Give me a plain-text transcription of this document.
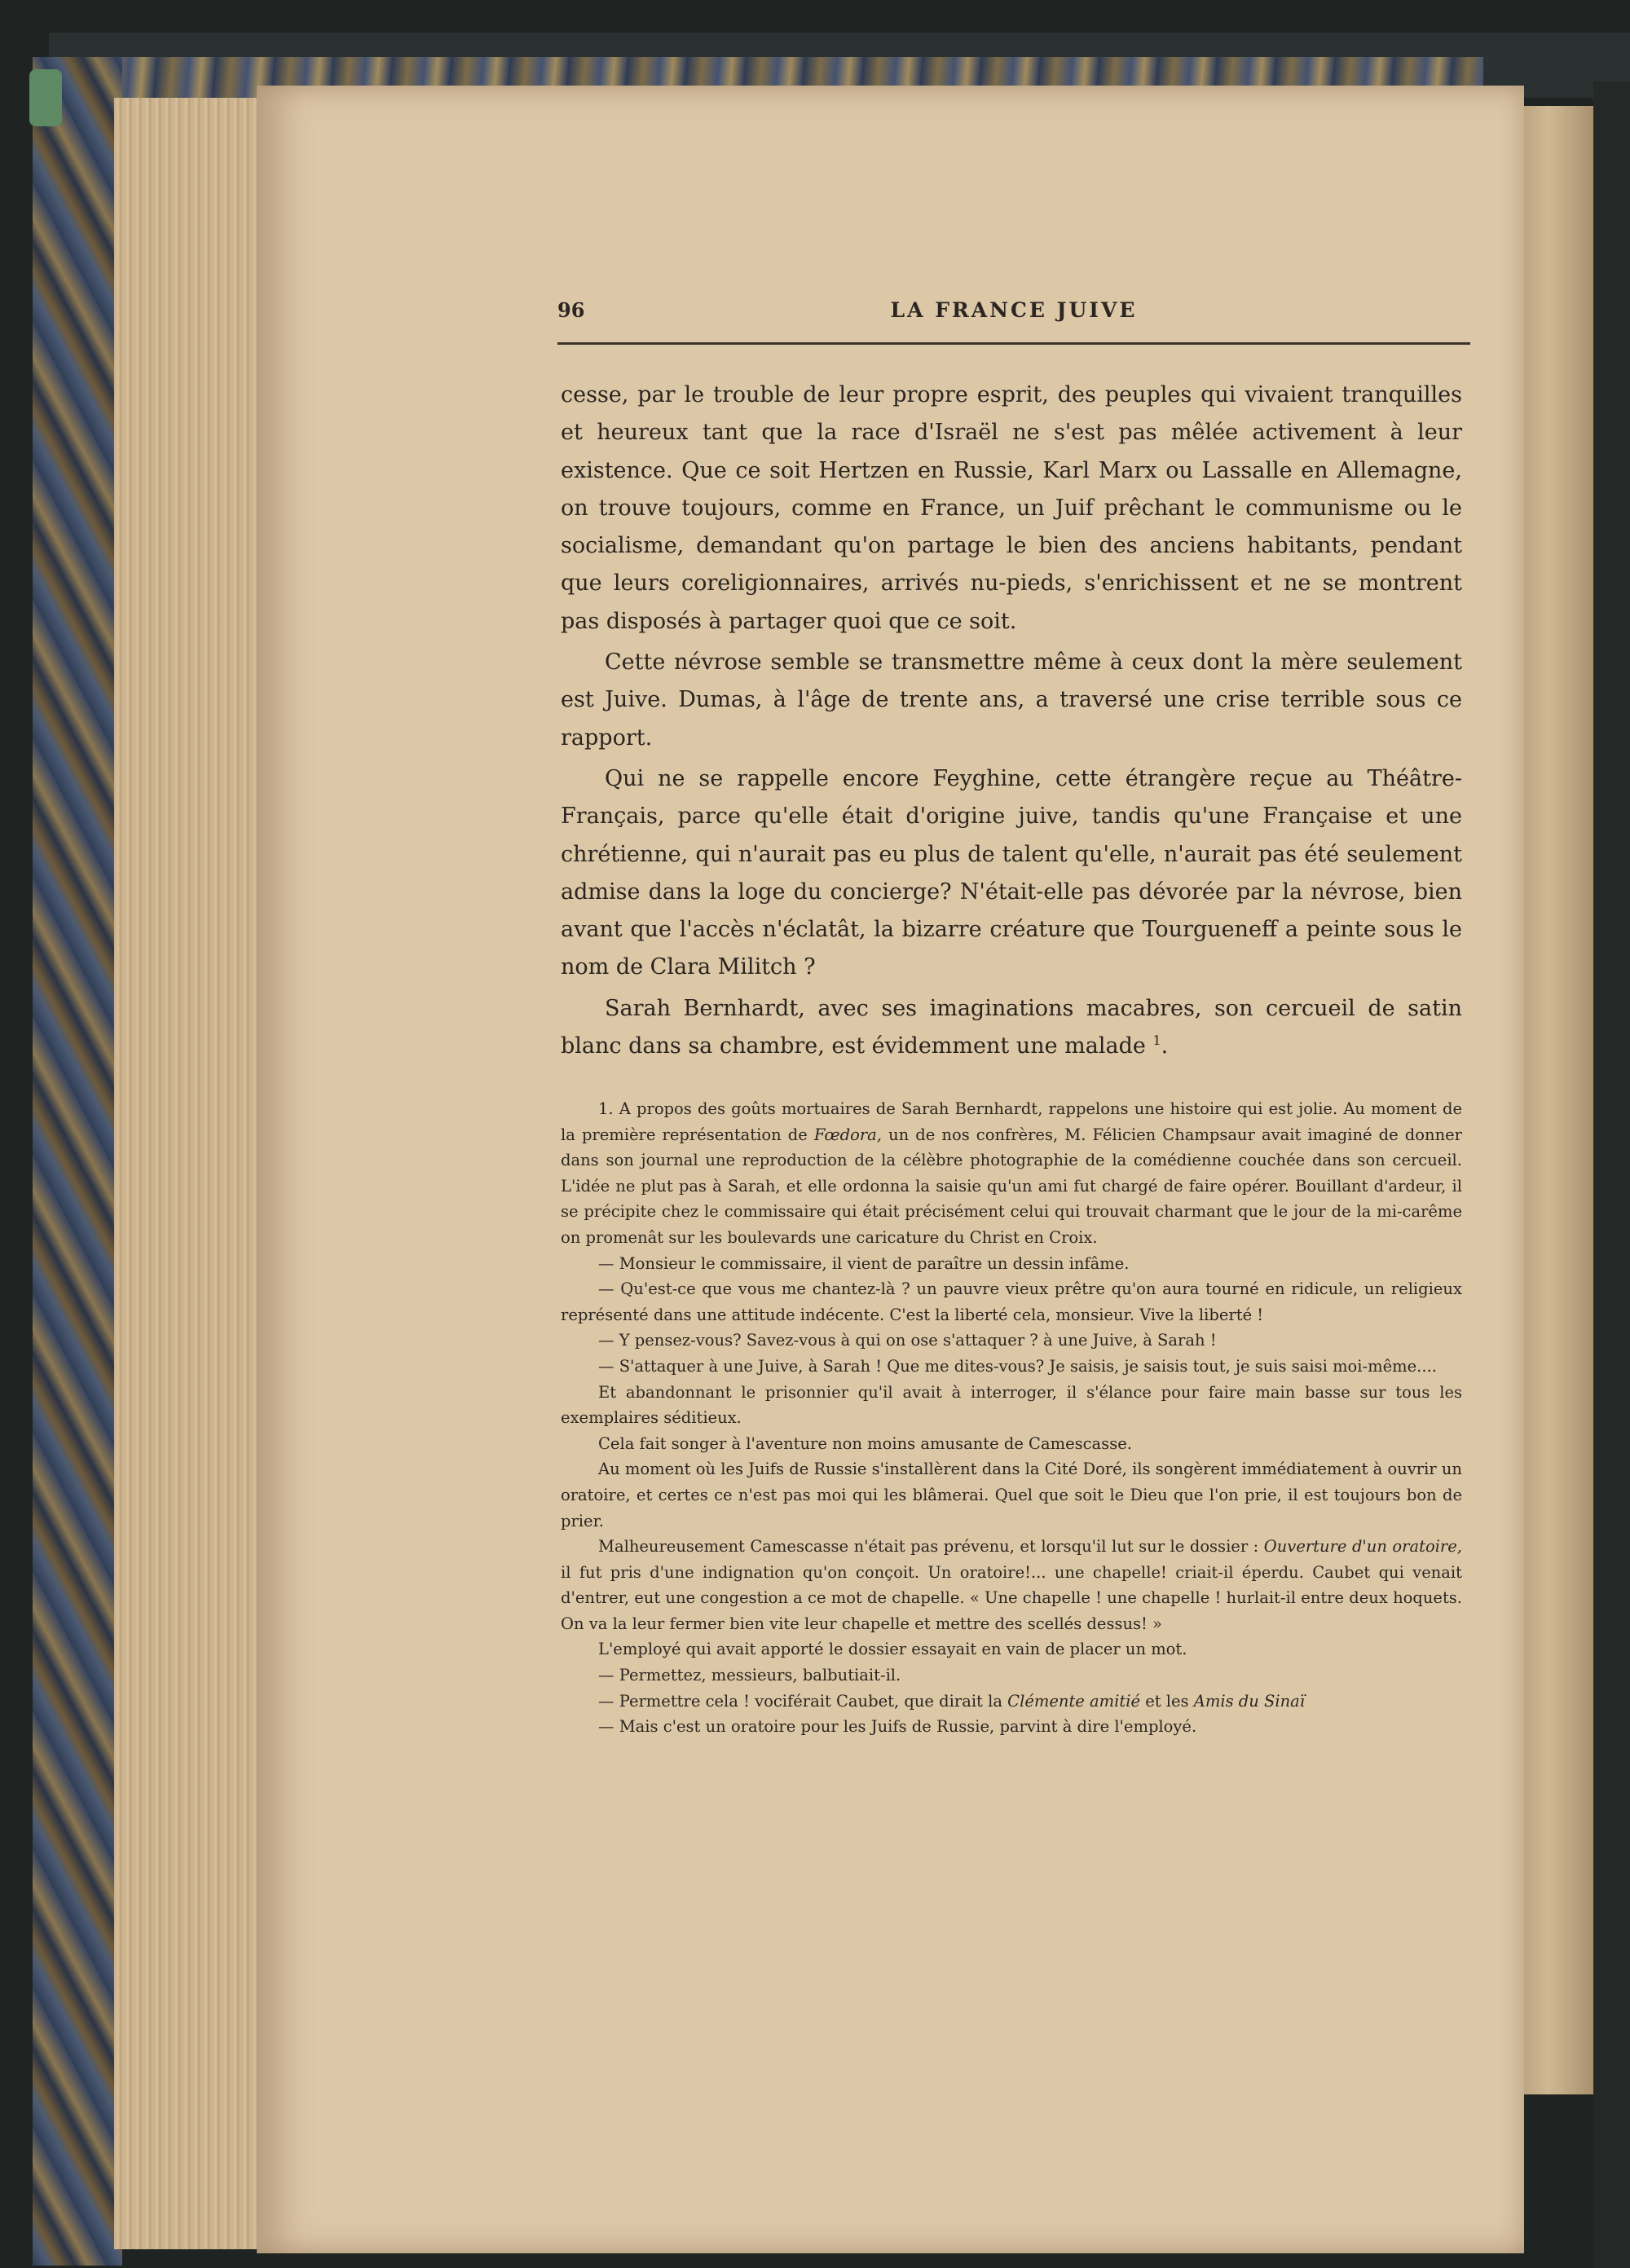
96	LA FRANCE JUIVE

cesse, par le trouble de leur propre esprit, des peuples qui vivaient tranquilles et heureux tant que la race d'Israël ne s'est pas mêlée activement à leur existence. Que ce soit Hertzen en Russie, Karl Marx ou Lassalle en Allemagne, on trouve toujours, comme en France, un Juif prêchant le communisme ou le socialisme, demandant qu'on partage le bien des anciens habitants, pendant que leurs coreligionnaires, arrivés nu-pieds, s'enrichissent et ne se montrent pas disposés à partager quoi que ce soit.

Cette névrose semble se transmettre même à ceux dont la mère seulement est Juive. Dumas, à l'âge de trente ans, a traversé une crise terrible sous ce rapport.

Qui ne se rappelle encore Feyghine, cette étrangère reçue au Théâtre-Français, parce qu'elle était d'origine juive, tandis qu'une Française et une chrétienne, qui n'aurait pas eu plus de talent qu'elle, n'aurait pas été seulement admise dans la loge du concierge? N'était-elle pas dévorée par la névrose, bien avant que l'accès n'éclatât, la bizarre créature que Tourgueneff a peinte sous le nom de Clara Militch ?

Sarah Bernhardt, avec ses imaginations macabres, son cercueil de satin blanc dans sa chambre, est évidemment une malade $^1$.

1. A propos des goûts mortuaires de Sarah Bernhardt, rappelons une histoire qui est jolie. Au moment de la première représentation de Fœdora, un de nos confrères, M. Félicien Champsaur avait imaginé de donner dans son journal une reproduction de la célèbre photographie de la comédienne couchée dans son cercueil. L'idée ne plut pas à Sarah, et elle ordonna la saisie qu'un ami fut chargé de faire opérer. Bouillant d'ardeur, il se précipite chez le commissaire qui était précisément celui qui trouvait charmant que le jour de la mi-carême on promenât sur les boulevards une caricature du Christ en Croix.

— Monsieur le commissaire, il vient de paraître un dessin infâme.

— Qu'est-ce que vous me chantez-là ? un pauvre vieux prêtre qu'on aura tourné en ridicule, un religieux représenté dans une attitude indécente. C'est la liberté cela, monsieur. Vive la liberté !

— Y pensez-vous? Savez-vous à qui on ose s'attaquer ? à une Juive, à Sarah !

— S'attaquer à une Juive, à Sarah ! Que me dites-vous? Je saisis, je saisis tout, je suis saisi moi-même....

Et abandonnant le prisonnier qu'il avait à interroger, il s'élance pour faire main basse sur tous les exemplaires séditieux.

Cela fait songer à l'aventure non moins amusante de Camescasse.

Au moment où les Juifs de Russie s'installèrent dans la Cité Doré, ils songèrent immédiatement à ouvrir un oratoire, et certes ce n'est pas moi qui les blâmerai. Quel que soit le Dieu que l'on prie, il est toujours bon de prier.

Malheureusement Camescasse n'était pas prévenu, et lorsqu'il lut sur le dossier : Ouverture d'un oratoire, il fut pris d'une indignation qu'on conçoit. Un oratoire!... une chapelle! criait-il éperdu. Caubet qui venait d'entrer, eut une congestion a ce mot de chapelle. « Une chapelle ! une chapelle ! hurlait-il entre deux hoquets. On va la leur fermer bien vite leur chapelle et mettre des scellés dessus! »

L'employé qui avait apporté le dossier essayait en vain de placer un mot.

— Permettez, messieurs, balbutiait-il.

— Permettre cela ! vociférait Caubet, que dirait la Clémente amitié et les Amis du Sinaï

— Mais c'est un oratoire pour les Juifs de Russie, parvint à dire l'employé.
